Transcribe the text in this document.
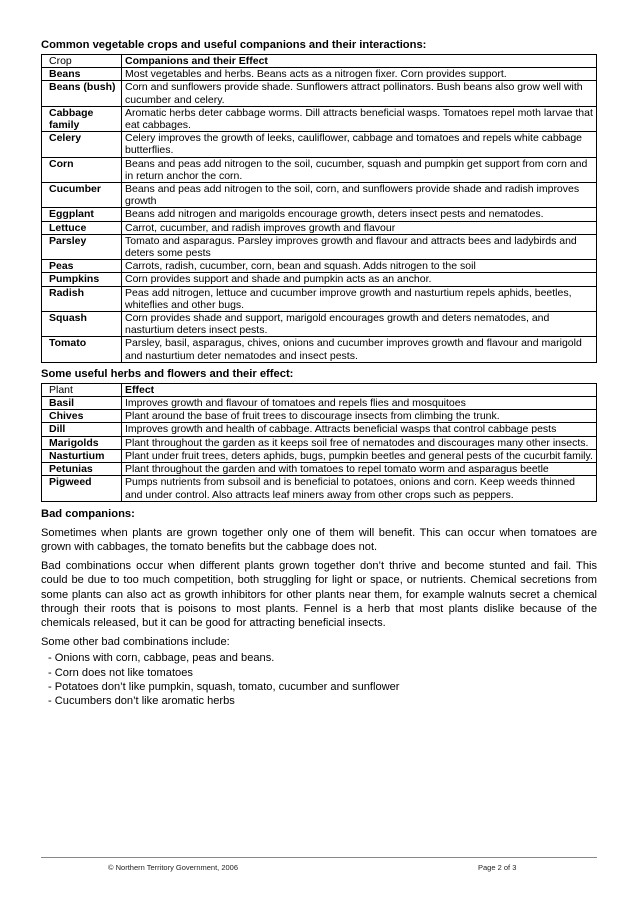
Common vegetable crops and useful companions and their interactions:
Crop	Companions and their Effect
Beans	Most vegetables and herbs. Beans acts as a nitrogen fixer. Corn provides support.
Beans (bush)	Corn and sunflowers provide shade. Sunflowers attract pollinators. Bush beans also grow well with cucumber and celery.
Cabbage family	Aromatic herbs deter cabbage worms. Dill attracts beneficial wasps. Tomatoes repel moth larvae that eat cabbages.
Celery	Celery improves the growth of leeks, cauliflower, cabbage and tomatoes and repels white cabbage butterflies.
Corn	Beans and peas add nitrogen to the soil, cucumber, squash and pumpkin get support from corn and in return anchor the corn.
Cucumber	Beans and peas add nitrogen to the soil, corn, and sunflowers provide shade and radish improves growth
Eggplant	Beans add nitrogen and marigolds encourage growth, deters insect pests and nematodes.
Lettuce	Carrot, cucumber, and radish improves growth and flavour
Parsley	Tomato and asparagus. Parsley improves growth and flavour and attracts bees and ladybirds and deters some pests
Peas	Carrots, radish, cucumber, corn, bean and squash. Adds nitrogen to the soil
Pumpkins	Corn provides support and shade and pumpkin acts as an anchor.
Radish	Peas add nitrogen, lettuce and cucumber improve growth and nasturtium repels aphids, beetles, whiteflies and other bugs.
Squash	Corn provides shade and support, marigold encourages growth and deters nematodes, and nasturtium deters insect pests.
Tomato	Parsley, basil, asparagus, chives, onions and cucumber improves growth and flavour and marigold and nasturtium deter nematodes and insect pests.
Some useful herbs and flowers and their effect:
Plant	Effect
Basil	Improves growth and flavour of tomatoes and repels flies and mosquitoes
Chives	Plant around the base of fruit trees to discourage insects from climbing the trunk.
Dill	Improves growth and health of cabbage. Attracts beneficial wasps that control cabbage pests
Marigolds	Plant throughout the garden as it keeps soil free of nematodes and discourages many other insects.
Nasturtium	Plant under fruit trees, deters aphids, bugs, pumpkin beetles and general pests of the cucurbit family.
Petunias	Plant throughout the garden and with tomatoes to repel tomato worm and asparagus beetle
Pigweed	Pumps nutrients from subsoil and is beneficial to potatoes, onions and corn. Keep weeds thinned and under control. Also attracts leaf miners away from other crops such as peppers.
Bad companions:

Sometimes when plants are grown together only one of them will benefit. This can occur when tomatoes are grown with cabbages, the tomato benefits but the cabbage does not.

Bad combinations occur when different plants grown together don’t thrive and become stunted and fail. This could be due to too much competition, both struggling for light or space, or nutrients. Chemical secretions from some plants can also act as growth inhibitors for other plants near them, for example walnuts secret a chemical through their roots that is poisons to most plants. Fennel is a herb that most plants dislike because of the chemicals released, but it can be good for attracting beneficial insects.

Some other bad combinations include:

- Onions with corn, cabbage, peas and beans.
- Corn does not like tomatoes
- Potatoes don’t like pumpkin, squash, tomato, cucumber and sunflower
- Cucumbers don’t like aromatic herbs
© Northern Territory Government, 2006	Page 2 of 3
